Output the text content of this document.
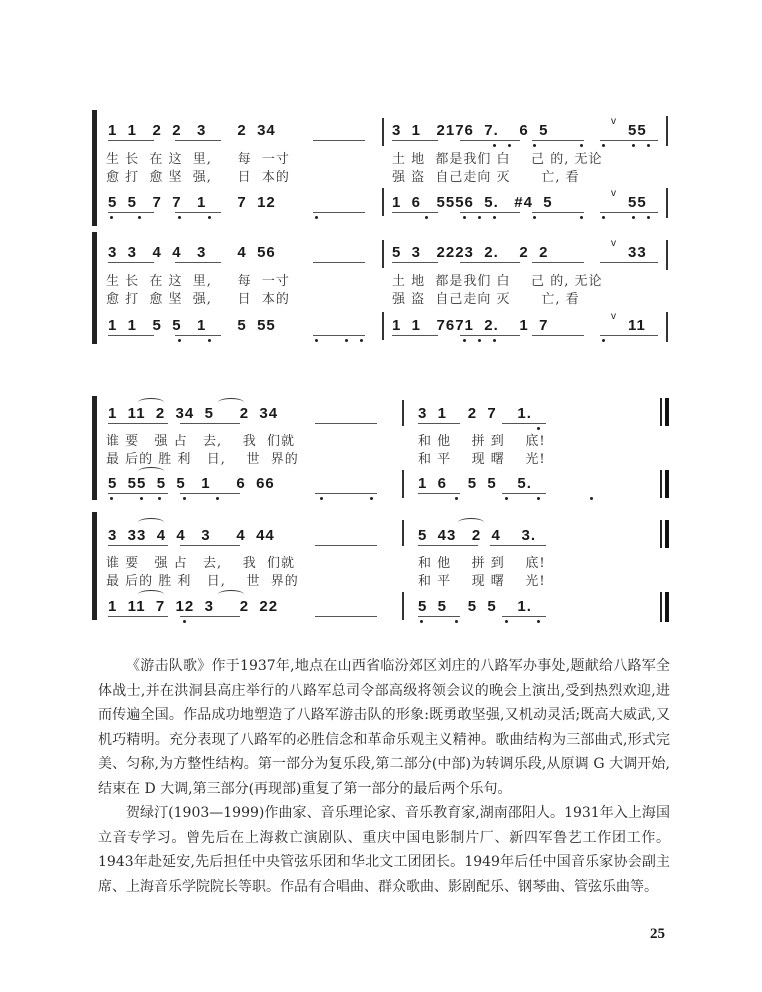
1  1   2  2   3      2  34	3  1   2176  7.    6  5
v
55
生 长  在 这  里,     每  一寸	土 地  都是我们 白    己 的, 无论
愈 打  愈 坚  强,     日  本的	强 盗  自己走向 灭      亡, 看
5  5   7  7   1      7  12	1  6   5556  5.   #4  5
v
55
3  3   4  4   3      4  56	5  3   2223  2.    2  2
v
33
生 长  在 这  里,     每  一寸	土 地  都是我们 白    己 的, 无论
愈 打  愈 坚  强,     日  本的	强 盗  自己走向 灭      亡, 看
1  1   5  5   1      5  55	1  1   7671  2.    1  7
v
11
1  11  2  34  5     2  34	3  1    2  7    1.
谁 要   强 占   去,    我  们就	和 他    拼 到    底!
最 后的 胜 利   日,    世  界的	和 平    现 曙    光!
5  55  5  5   1     6  66	1  6    5  5    5.
3  33  4  4   3     4  44	5  43   2  4    3.
谁 要   强 占   去,    我  们就	和 他    拼 到    底!
最 后的 胜 利   日,    世  界的	和 平    现 曙    光!
1  11  7  12  3     2  22	5  5    5  5    1.

《游击队歌》作于1937年,地点在山西省临汾郊区刘庄的八路军办事处,题献给八路军全体战士,并在洪洞县高庄举行的八路军总司令部高级将领会议的晚会上演出,受到热烈欢迎,进而传遍全国。作品成功地塑造了八路军游击队的形象:既勇敢坚强,又机动灵活;既高大威武,又机巧精明。充分表现了八路军的必胜信念和革命乐观主义精神。歌曲结构为三部曲式,形式完美、匀称,为方整性结构。第一部分为复乐段,第二部分(中部)为转调乐段,从原调 G 大调开始,结束在 D 大调,第三部分(再现部)重复了第一部分的最后两个乐句。

贺绿汀(1903—1999)作曲家、音乐理论家、音乐教育家,湖南邵阳人。1931年入上海国立音专学习。曾先后在上海救亡演剧队、重庆中国电影制片厂、新四军鲁艺工作团工作。1943年赴延安,先后担任中央管弦乐团和华北文工团团长。1949年后任中国音乐家协会副主席、上海音乐学院院长等职。作品有合唱曲、群众歌曲、影剧配乐、钢琴曲、管弦乐曲等。

25
